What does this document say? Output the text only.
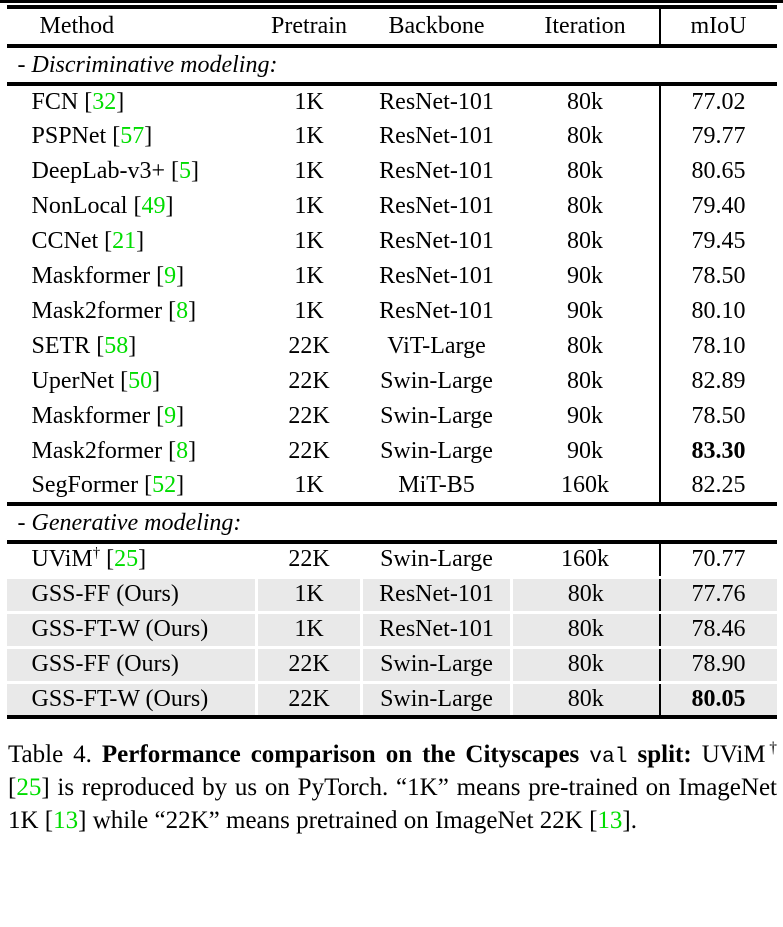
Method	Pretrain	Backbone	Iteration	mIoU
- Discriminative modeling:				
FCN [32]	1K	ResNet-101	80k	77.02
PSPNet [57]	1K	ResNet-101	80k	79.77
DeepLab-v3+ [5]	1K	ResNet-101	80k	80.65
NonLocal [49]	1K	ResNet-101	80k	79.40
CCNet [21]	1K	ResNet-101	80k	79.45
Maskformer [9]	1K	ResNet-101	90k	78.50
Mask2former [8]	1K	ResNet-101	90k	80.10
SETR [58]	22K	ViT-Large	80k	78.10
UperNet [50]	22K	Swin-Large	80k	82.89
Maskformer [9]	22K	Swin-Large	90k	78.50
Mask2former [8]	22K	Swin-Large	90k	83.30
SegFormer [52]	1K	MiT-B5	160k	82.25
- Generative modeling:				
UViM† [25]	22K	Swin-Large	160k	70.77
GSS-FF (Ours)	1K	ResNet-101	80k	77.76
GSS-FT-W (Ours)	1K	ResNet-101	80k	78.46
GSS-FF (Ours)	22K	Swin-Large	80k	78.90
GSS-FT-W (Ours)	22K	Swin-Large	80k	80.05
Table 4. Performance comparison on the Cityscapes val split: UViM† [25] is reproduced by us on PyTorch. “1K” means pre-trained on ImageNet 1K [13] while “22K” means pretrained on ImageNet 22K [13].
